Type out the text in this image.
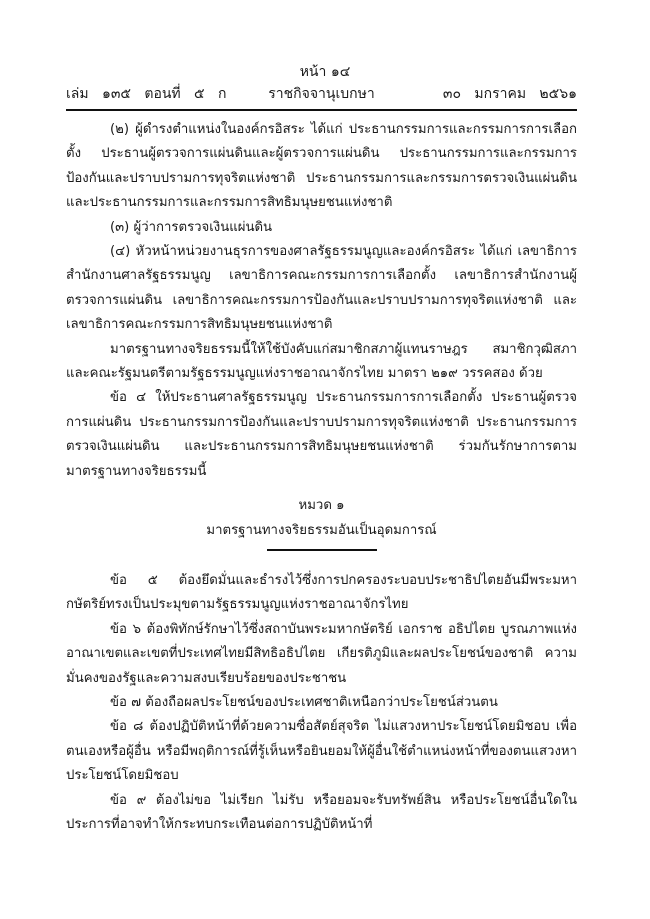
หน้า ๑๔
เล่ม   ๑๓๕   ตอนที่   ๕   ก	ราชกิจจานุเบกษา	๓๐   มกราคม   ๒๕๖๑

(๒) ผู้ดำรงตำแหน่งในองค์กรอิสระ ได้แก่ ประธานกรรมการและกรรมการการเลือกตั้ง ประธานผู้ตรวจการแผ่นดินและผู้ตรวจการแผ่นดิน ประธานกรรมการและกรรมการป้องกันและปราบปรามการทุจริตแห่งชาติ ประธานกรรมการและกรรมการตรวจเงินแผ่นดิน และประธานกรรมการและกรรมการสิทธิมนุษยชนแห่งชาติ

(๓) ผู้ว่าการตรวจเงินแผ่นดิน

(๔) หัวหน้าหน่วยงานธุรการของศาลรัฐธรรมนูญและองค์กรอิสระ ได้แก่ เลขาธิการสำนักงานศาลรัฐธรรมนูญ เลขาธิการคณะกรรมการการเลือกตั้ง เลขาธิการสำนักงานผู้ตรวจการแผ่นดิน เลขาธิการคณะกรรมการป้องกันและปราบปรามการทุจริตแห่งชาติ และเลขาธิการคณะกรรมการสิทธิมนุษยชนแห่งชาติ

มาตรฐานทางจริยธรรมนี้ให้ใช้บังคับแก่สมาชิกสภาผู้แทนราษฎร สมาชิกวุฒิสภา และคณะรัฐมนตรีตามรัฐธรรมนูญแห่งราชอาณาจักรไทย มาตรา ๒๑๙ วรรคสอง ด้วย

ข้อ ๔ ให้ประธานศาลรัฐธรรมนูญ ประธานกรรมการการเลือกตั้ง ประธานผู้ตรวจการแผ่นดิน ประธานกรรมการป้องกันและปราบปรามการทุจริตแห่งชาติ ประธานกรรมการตรวจเงินแผ่นดิน และประธานกรรมการสิทธิมนุษยชนแห่งชาติ ร่วมกันรักษาการตามมาตรฐานทางจริยธรรมนี้

หมวด ๑

มาตรฐานทางจริยธรรมอันเป็นอุดมการณ์

ข้อ ๕ ต้องยึดมั่นและธำรงไว้ซึ่งการปกครองระบอบประชาธิปไตยอันมีพระมหากษัตริย์ทรงเป็นประมุขตามรัฐธรรมนูญแห่งราชอาณาจักรไทย

ข้อ ๖ ต้องพิทักษ์รักษาไว้ซึ่งสถาบันพระมหากษัตริย์ เอกราช อธิปไตย บูรณภาพแห่งอาณาเขตและเขตที่ประเทศไทยมีสิทธิอธิปไตย เกียรติภูมิและผลประโยชน์ของชาติ ความมั่นคงของรัฐและความสงบเรียบร้อยของประชาชน

ข้อ ๗ ต้องถือผลประโยชน์ของประเทศชาติเหนือกว่าประโยชน์ส่วนตน

ข้อ ๘ ต้องปฏิบัติหน้าที่ด้วยความซื่อสัตย์สุจริต ไม่แสวงหาประโยชน์โดยมิชอบ เพื่อตนเองหรือผู้อื่น หรือมีพฤติการณ์ที่รู้เห็นหรือยินยอมให้ผู้อื่นใช้ตำแหน่งหน้าที่ของตนแสวงหาประโยชน์โดยมิชอบ

ข้อ ๙ ต้องไม่ขอ ไม่เรียก ไม่รับ หรือยอมจะรับทรัพย์สิน หรือประโยชน์อื่นใดในประการที่อาจทำให้กระทบกระเทือนต่อการปฏิบัติหน้าที่
